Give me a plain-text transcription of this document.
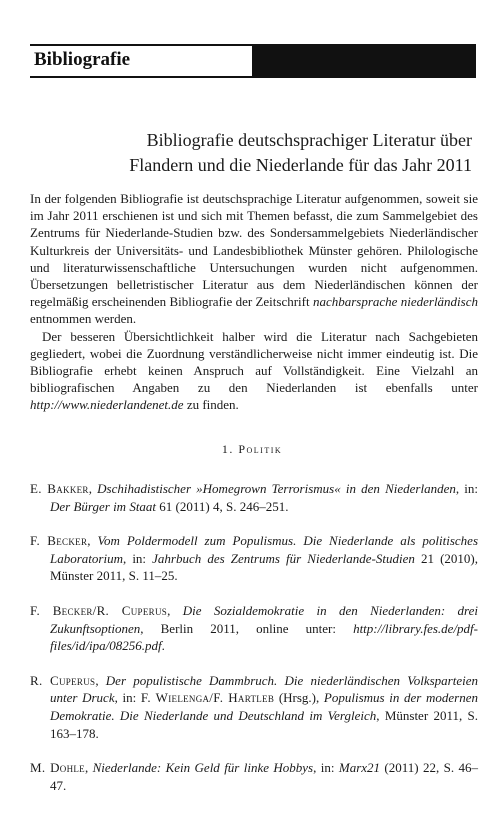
Bibliografie
Bibliografie deutschsprachiger Literatur über
Flandern und die Niederlande für das Jahr 2011

In der folgenden Bibliografie ist deutschsprachige Literatur aufgenommen, soweit sie im Jahr 2011 erschienen ist und sich mit Themen befasst, die zum Sammelgebiet des Zentrums für Niederlande-Studien bzw. des Sondersammelgebiets Niederländischer Kulturkreis der Universitäts- und Landesbibliothek Münster gehören. Philologische und literaturwissenschaftliche Untersuchungen wurden nicht aufgenommen. Übersetzungen belletristischer Literatur aus dem Niederländischen können der regelmäßig erscheinenden Bibliografie der Zeitschrift nachbarsprache niederländisch entnommen werden.

Der besseren Übersichtlichkeit halber wird die Literatur nach Sachgebieten gegliedert, wobei die Zuordnung verständlicherweise nicht immer eindeutig ist. Die Bibliografie erhebt keinen Anspruch auf Vollständigkeit. Eine Vielzahl an bibliografischen Angaben zu den Niederlanden ist ebenfalls unter http://www.niederlandenet.de zu finden.

1. Politik

E. Bakker, Dschihadistischer »Homegrown Terrorismus« in den Niederlanden, in: Der Bürger im Staat 61 (2011) 4, S. 246–251.

F. Becker, Vom Poldermodell zum Populismus. Die Niederlande als politisches Laboratorium, in: Jahrbuch des Zentrums für Niederlande-Studien 21 (2010), Münster 2011, S. 11–25.

F. Becker/R. Cuperus, Die Sozialdemokratie in den Niederlanden: drei Zukunftsoptionen, Berlin 2011, online unter: http://library.fes.de/pdf-files/id/ipa/08256.pdf.

R. Cuperus, Der populistische Dammbruch. Die niederländischen Volksparteien unter Druck, in: F. Wielenga/F. Hartleb (Hrsg.), Populismus in der modernen Demokratie. Die Niederlande und Deutschland im Vergleich, Münster 2011, S. 163–178.

M. Dohle, Niederlande: Kein Geld für linke Hobbys, in: Marx21 (2011) 22, S. 46–47.
